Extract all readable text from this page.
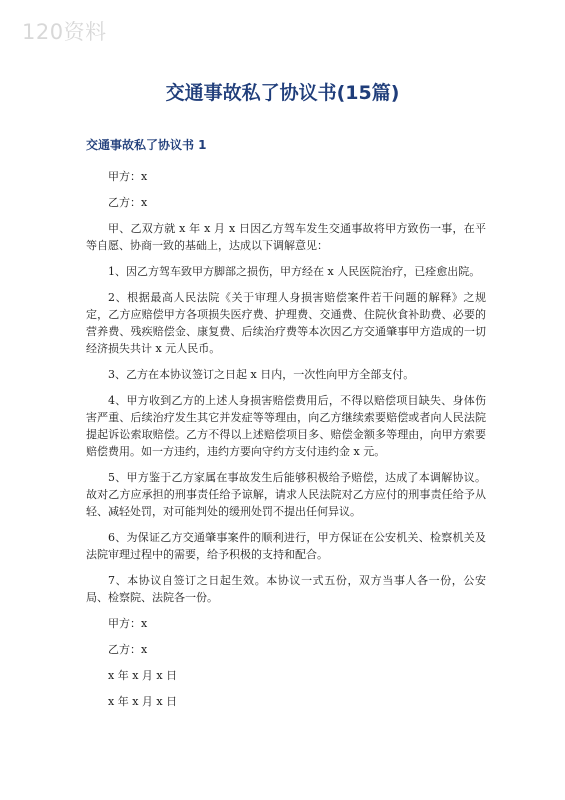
120资料
交通事故私了协议书(15篇)
交通事故私了协议书 1

甲方：x

乙方：x

甲、乙双方就 x 年 x 月 x 日因乙方驾车发生交通事故将甲方致伤一事，在平等自愿、协商一致的基础上，达成以下调解意见：

1、因乙方驾车致甲方脚部之损伤，甲方经在 x 人民医院治疗，已痊愈出院。

2、根据最高人民法院《关于审理人身损害赔偿案件若干问题的解释》之规定，乙方应赔偿甲方各项损失医疗费、护理费、交通费、住院伙食补助费、必要的营养费、残疾赔偿金、康复费、后续治疗费等本次因乙方交通肇事甲方造成的一切经济损失共计 x 元人民币。

3、乙方在本协议签订之日起 x 日内，一次性向甲方全部支付。

4、甲方收到乙方的上述人身损害赔偿费用后，不得以赔偿项目缺失、身体伤害严重、后续治疗发生其它并发症等等理由，向乙方继续索要赔偿或者向人民法院提起诉讼索取赔偿。乙方不得以上述赔偿项目多、赔偿金额多等理由，向甲方索要赔偿费用。如一方违约，违约方要向守约方支付违约金 x 元。

5、甲方鉴于乙方家属在事故发生后能够积极给予赔偿，达成了本调解协议。故对乙方应承担的刑事责任给予谅解，请求人民法院对乙方应付的刑事责任给予从轻、减轻处罚，对可能判处的缓刑处罚不提出任何异议。

6、为保证乙方交通肇事案件的顺利进行，甲方保证在公安机关、检察机关及法院审理过程中的需要，给予积极的支持和配合。

7、本协议自签订之日起生效。本协议一式五份，双方当事人各一份，公安局、检察院、法院各一份。

甲方：x

乙方：x

x 年 x 月 x 日

x 年 x 月 x 日
